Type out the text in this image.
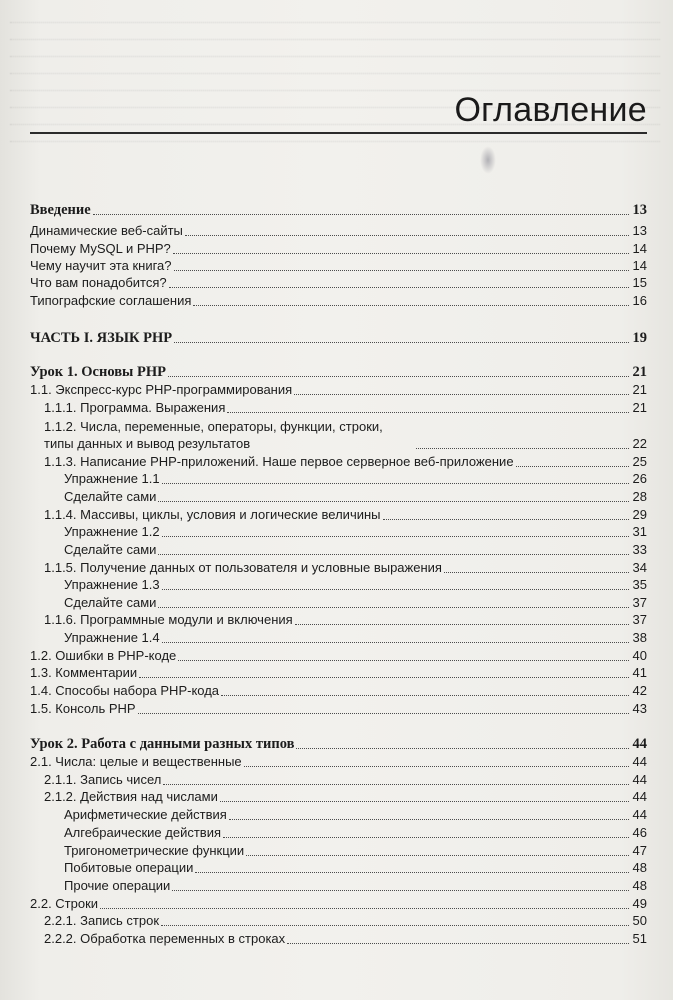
Оглавление
Введение	13
Динамические веб-сайты	13
Почему MySQL и PHP?	14
Чему научит эта книга?	14
Что вам понадобится?	15
Типографские соглашения	16
ЧАСТЬ I. ЯЗЫК PHP	19
Урок 1. Основы PHP	21
1.1. Экспресс-курс PHP-программирования	21
1.1.1. Программа. Выражения	21
1.1.2. Числа, переменные, операторы, функции, строки, типы данных и вывод результатов	22
1.1.3. Написание PHP-приложений. Наше первое серверное веб-приложение	25
Упражнение 1.1	26
Сделайте сами	28
1.1.4. Массивы, циклы, условия и логические величины	29
Упражнение 1.2	31
Сделайте сами	33
1.1.5. Получение данных от пользователя и условные выражения	34
Упражнение 1.3	35
Сделайте сами	37
1.1.6. Программные модули и включения	37
Упражнение 1.4	38
1.2. Ошибки в PHP-коде	40
1.3. Комментарии	41
1.4. Способы набора PHP-кода	42
1.5. Консоль PHP	43
Урок 2. Работа с данными разных типов	44
2.1. Числа: целые и вещественные	44
2.1.1. Запись чисел	44
2.1.2. Действия над числами	44
Арифметические действия	44
Алгебраические действия	46
Тригонометрические функции	47
Побитовые операции	48
Прочие операции	48
2.2. Строки	49
2.2.1. Запись строк	50
2.2.2. Обработка переменных в строках	51
